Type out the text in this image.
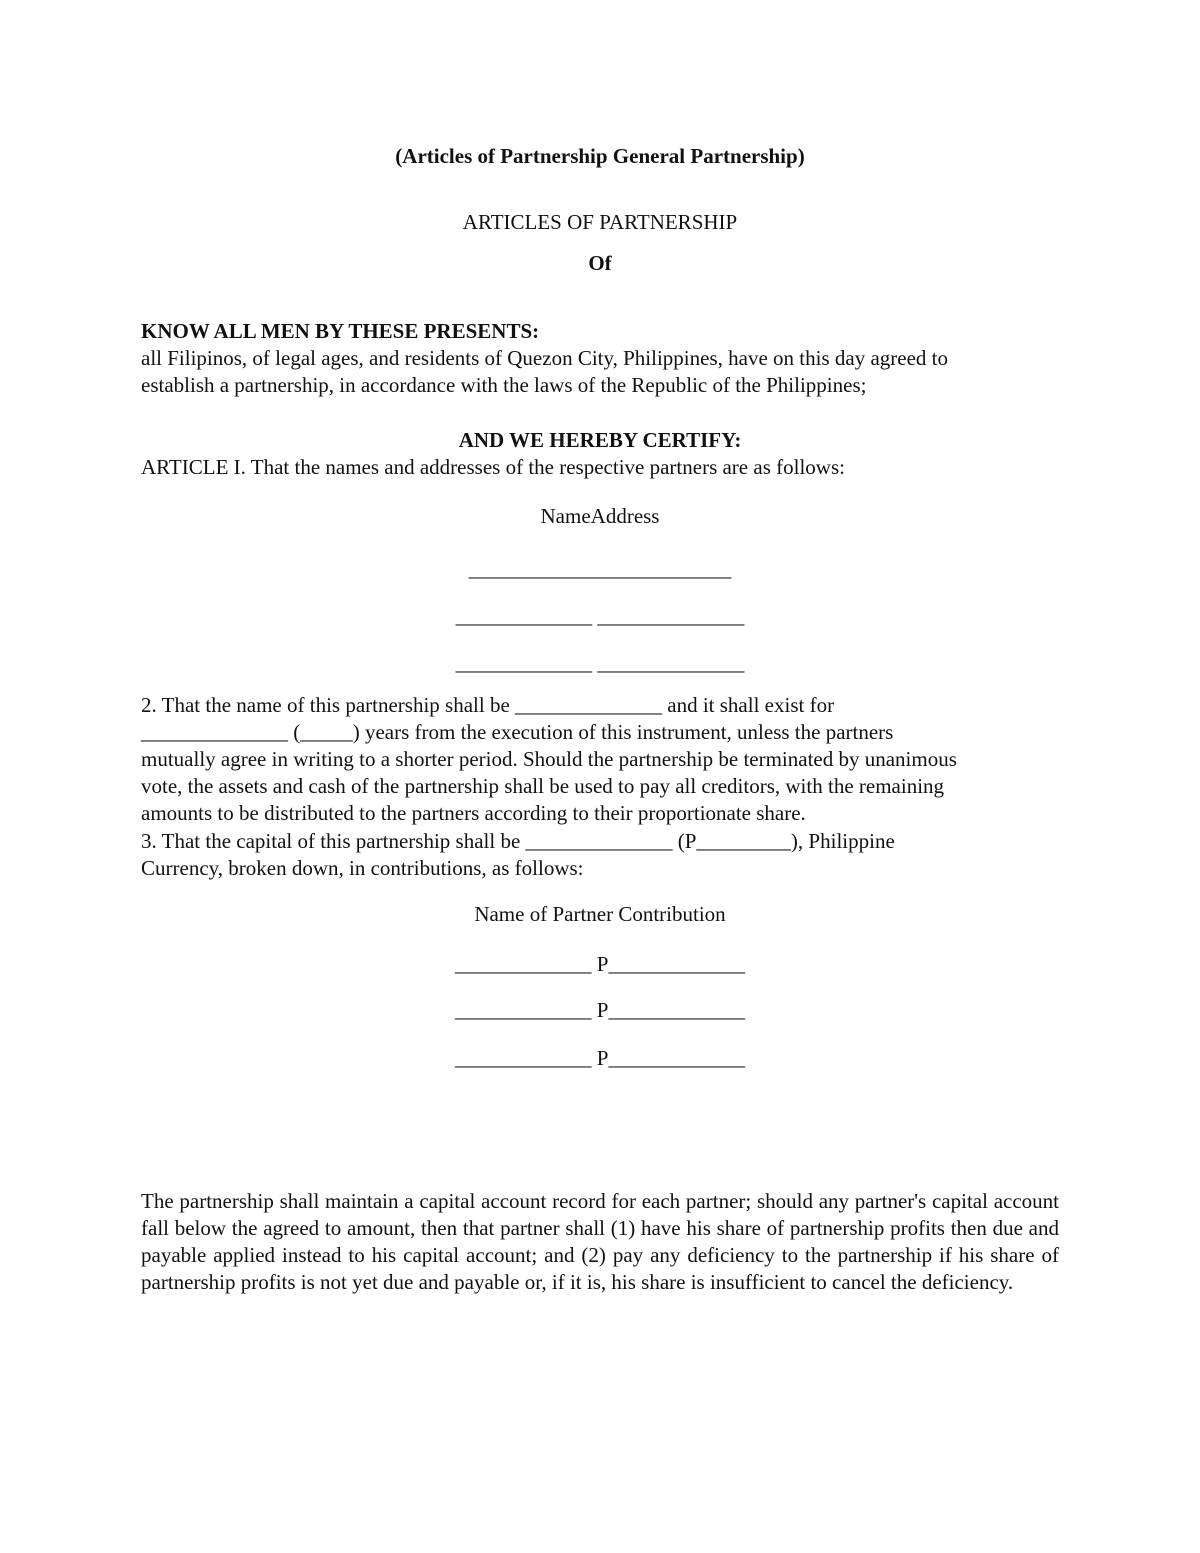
(Articles of Partnership General Partnership)
ARTICLES OF PARTNERSHIP
Of
KNOW ALL MEN BY THESE PRESENTS:
all Filipinos, of legal ages, and residents of Quezon City, Philippines, have on this day agreed to
establish a partnership, in accordance with the laws of the Republic of the Philippines;
AND WE HEREBY CERTIFY:
ARTICLE I. That the names and addresses of the respective partners are as follows:
NameAddress
_________________________
_____________ ______________
_____________ ______________
2. That the name of this partnership shall be ______________ and it shall exist for
______________ (_____) years from the execution of this instrument, unless the partners
mutually agree in writing to a shorter period. Should the partnership be terminated by unanimous
vote, the assets and cash of the partnership shall be used to pay all creditors, with the remaining
amounts to be distributed to the partners according to their proportionate share.
3. That the capital of this partnership shall be ______________ (P_________), Philippine
Currency, broken down, in contributions, as follows:
Name of Partner Contribution
_____________ P_____________
_____________ P_____________
_____________ P_____________
The partnership shall maintain a capital account record for each partner; should any partner's capital account fall below the agreed to amount, then that partner shall (1) have his share of partnership profits then due and payable applied instead to his capital account; and (2) pay any deficiency to the partnership if his share of partnership profits is not yet due and payable or, if it is, his share is insufficient to cancel the deficiency.
